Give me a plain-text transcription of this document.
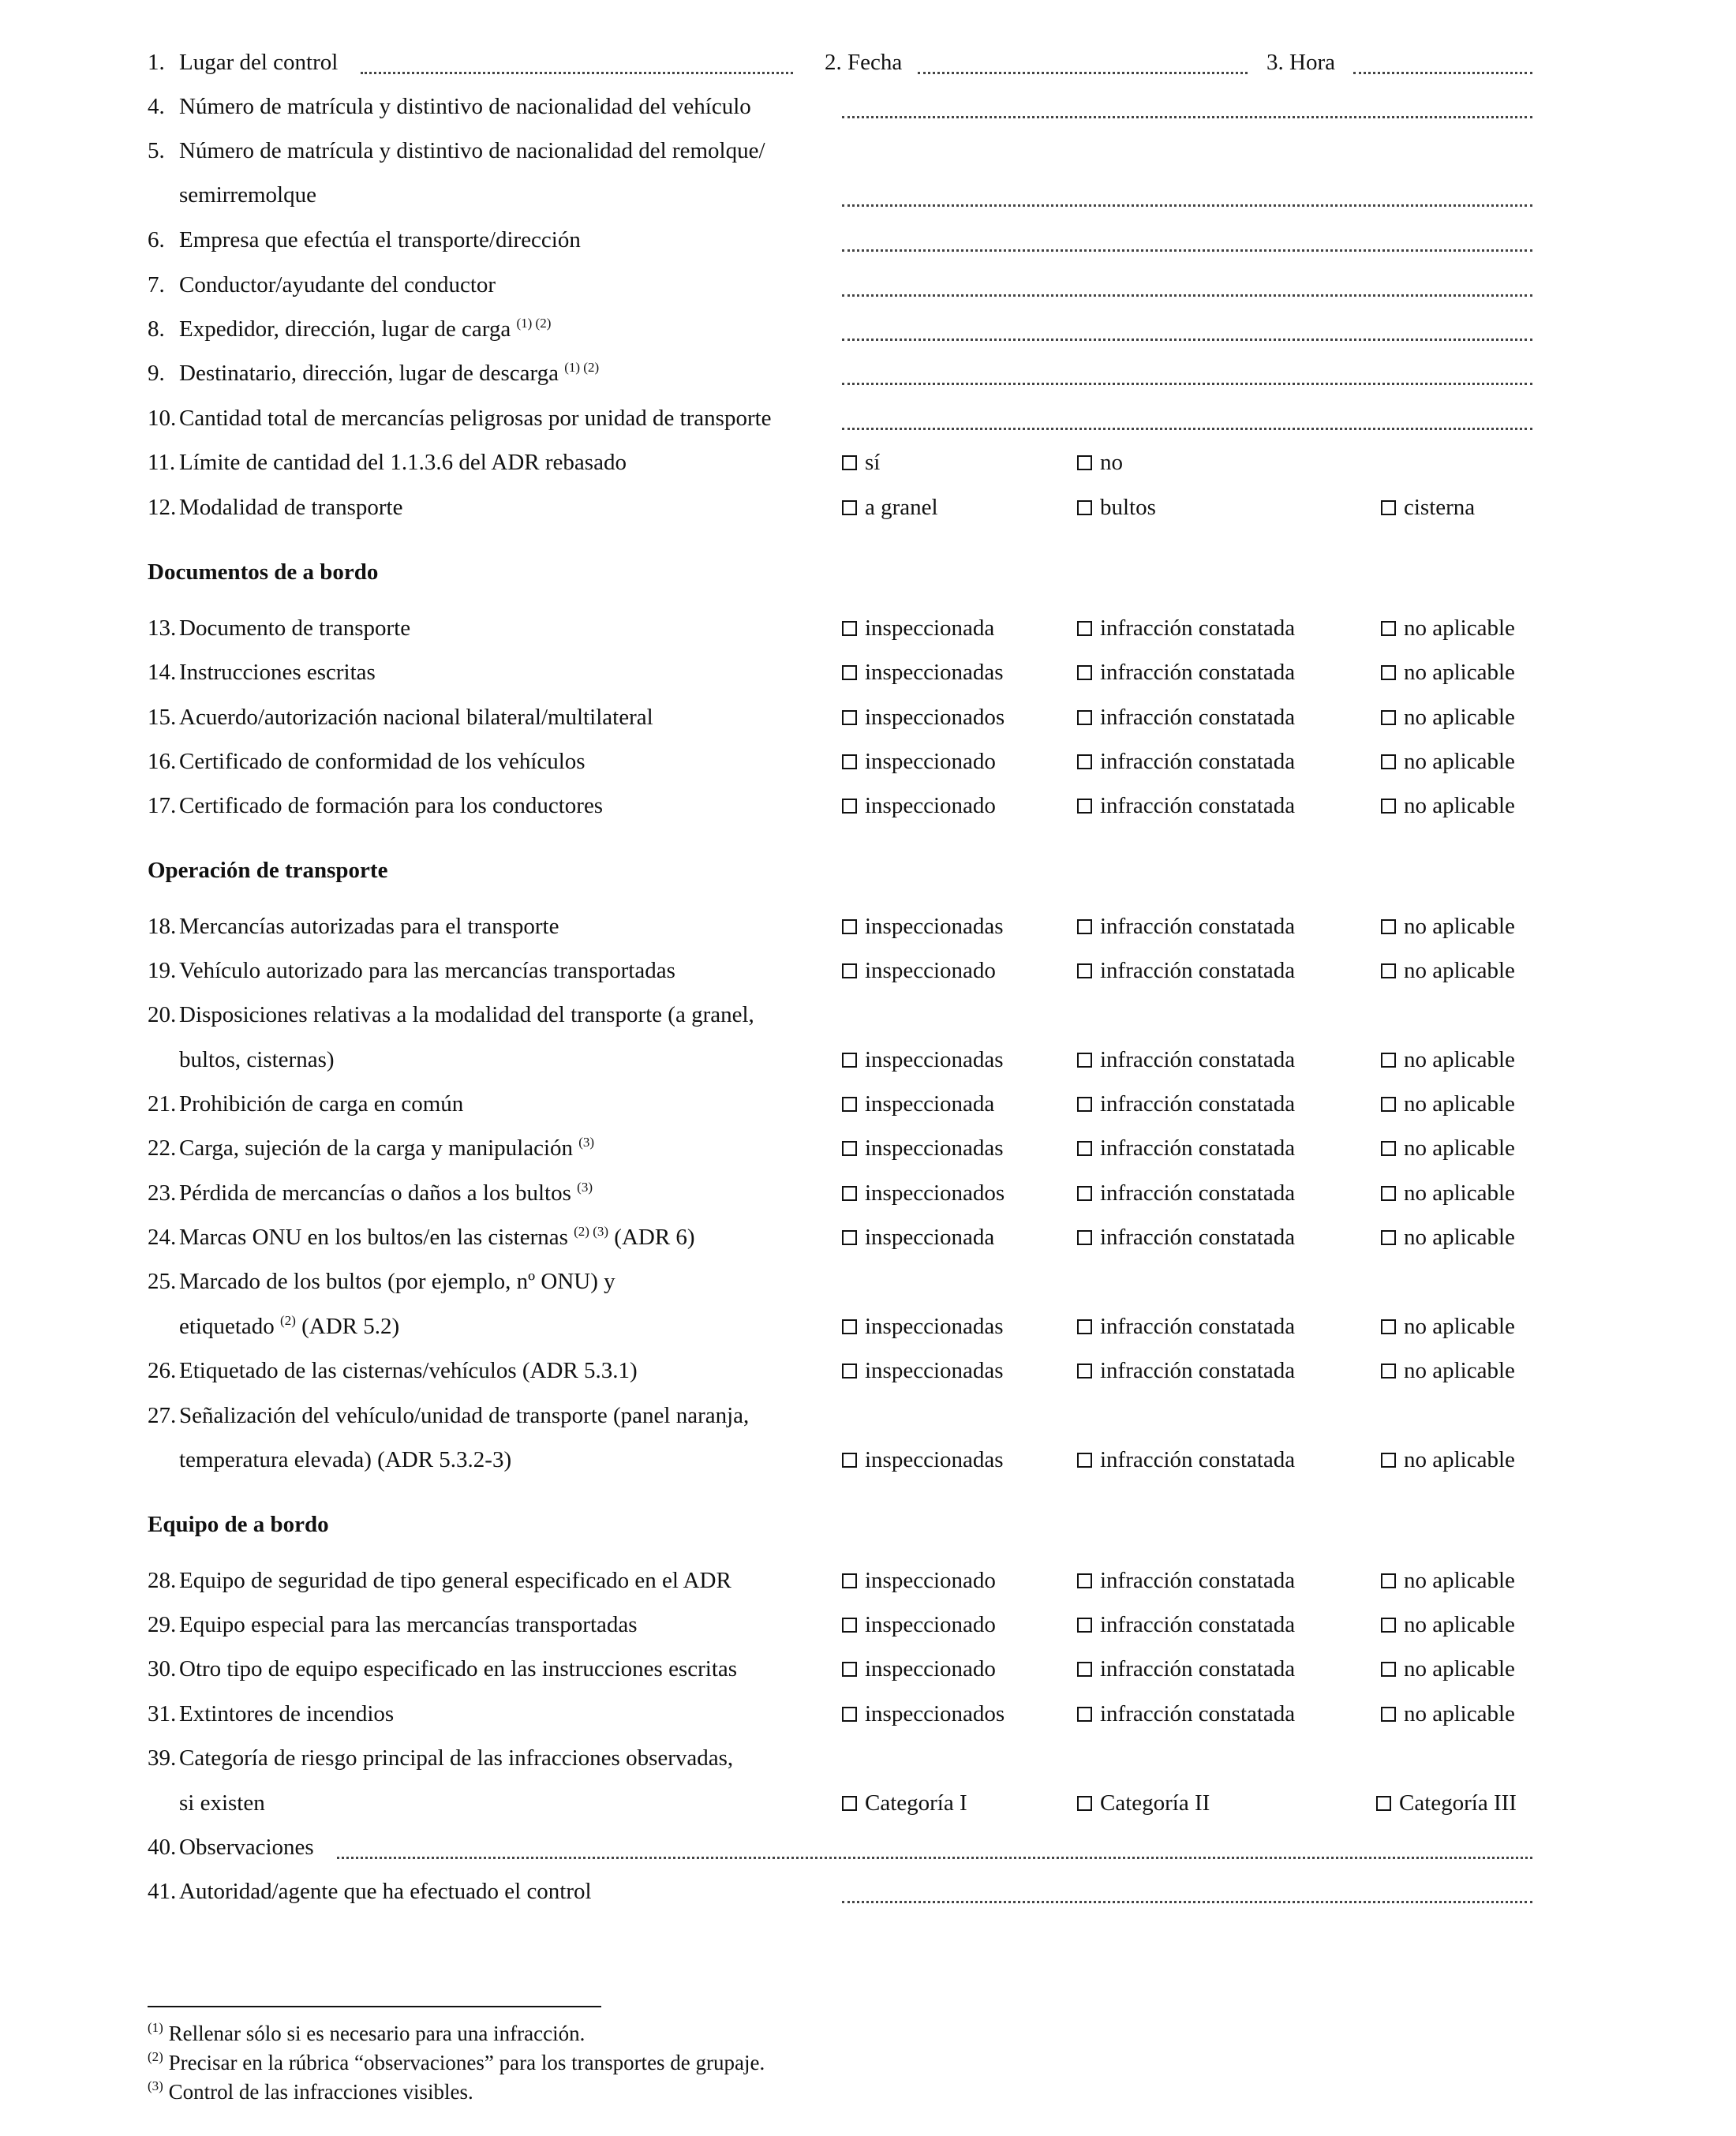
1. Lugar del control	2. Fecha	3. Hora
4. Número de matrícula y distintivo de nacionalidad del vehículo
5. Número de matrícula y distintivo de nacionalidad del remolque/
semirremolque
6. Empresa que efectúa el transporte/dirección
7. Conductor/ayudante del conductor
8. Expedidor, dirección, lugar de carga $^{(1) (2)}$
9. Destinatario, dirección, lugar de descarga $^{(1) (2)}$
10. Cantidad total de mercancías peligrosas por unidad de transporte
11. Límite de cantidad del 1.1.3.6 del ADR rebasado	sí	no
12. Modalidad de transporte	a granel	bultos	cisterna
Documentos de a bordo
13. Documento de transporte	inspeccionada	infracción constatada	no aplicable
14. Instrucciones escritas	inspeccionadas	infracción constatada	no aplicable
15. Acuerdo/autorización nacional bilateral/multilateral	inspeccionados	infracción constatada	no aplicable
16. Certificado de conformidad de los vehículos	inspeccionado	infracción constatada	no aplicable
17. Certificado de formación para los conductores	inspeccionado	infracción constatada	no aplicable
Operación de transporte
18. Mercancías autorizadas para el transporte	inspeccionadas	infracción constatada	no aplicable
19. Vehículo autorizado para las mercancías transportadas	inspeccionado	infracción constatada	no aplicable
20. Disposiciones relativas a la modalidad del transporte (a granel,
bultos, cisternas)	inspeccionadas	infracción constatada	no aplicable
21. Prohibición de carga en común	inspeccionada	infracción constatada	no aplicable
22. Carga, sujeción de la carga y manipulación $^{(3)}$	inspeccionadas	infracción constatada	no aplicable
23. Pérdida de mercancías o daños a los bultos $^{(3)}$	inspeccionados	infracción constatada	no aplicable
24. Marcas ONU en los bultos/en las cisternas $^{(2) (3)}$ (ADR 6)	inspeccionada	infracción constatada	no aplicable
25. Marcado de los bultos (por ejemplo, nº ONU) y
etiquetado $^{(2)}$ (ADR 5.2)	inspeccionadas	infracción constatada	no aplicable
26. Etiquetado de las cisternas/vehículos (ADR 5.3.1)	inspeccionadas	infracción constatada	no aplicable
27. Señalización del vehículo/unidad de transporte (panel naranja,
temperatura elevada) (ADR 5.3.2-3)	inspeccionadas	infracción constatada	no aplicable
Equipo de a bordo
28. Equipo de seguridad de tipo general especificado en el ADR	inspeccionado	infracción constatada	no aplicable
29. Equipo especial para las mercancías transportadas	inspeccionado	infracción constatada	no aplicable
30. Otro tipo de equipo especificado en las instrucciones escritas	inspeccionado	infracción constatada	no aplicable
31. Extintores de incendios	inspeccionados	infracción constatada	no aplicable
39. Categoría de riesgo principal de las infracciones observadas,
si existen	Categoría I	Categoría II	Categoría III
40. Observaciones
41. Autoridad/agente que ha efectuado el control
$^{(1)}$ Rellenar sólo si es necesario para una infracción.
$^{(2)}$ Precisar en la rúbrica “observaciones” para los transportes de grupaje.
$^{(3)}$ Control de las infracciones visibles.
